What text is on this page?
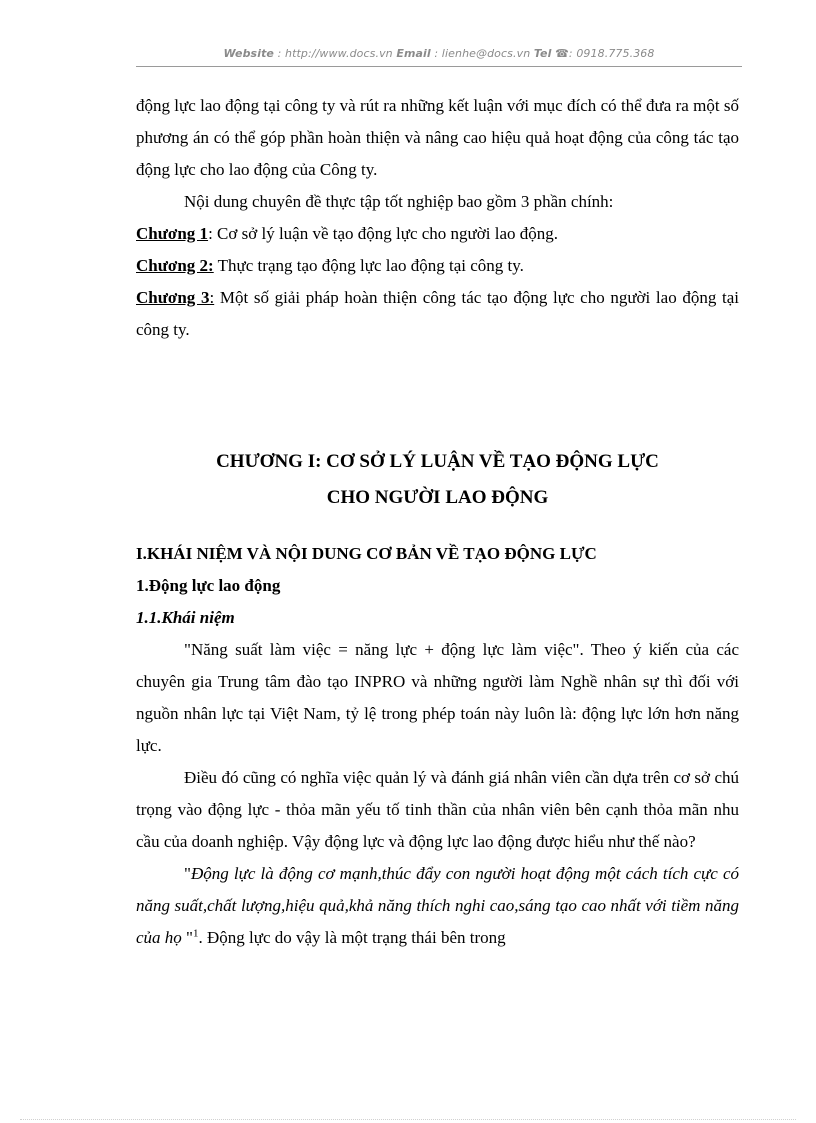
Website : http://www.docs.vn Email : lienhe@docs.vn Tel ☎: 0918.775.368

động lực lao động tại công ty và rút ra những kết luận với mục đích có thể đưa ra một số phương án có thể góp phần hoàn thiện và nâng cao hiệu quả hoạt động của công tác tạo động lực cho lao động của Công ty.

Nội dung chuyên đề thực tập tốt nghiệp bao gồm 3 phần chính:

Chương 1: Cơ sở lý luận về tạo động lực cho người lao động.

Chương 2: Thực trạng tạo động lực lao động tại công ty.

Chương 3: Một số giải pháp hoàn thiện công tác tạo động lực cho người lao động tại công ty.

CHƯƠNG I: CƠ SỞ LÝ LUẬN VỀ TẠO ĐỘNG LỰC

CHO NGƯỜI LAO ĐỘNG

I.KHÁI NIỆM VÀ NỘI DUNG CƠ BẢN VỀ TẠO ĐỘNG LỰC

1.Động lực lao động

1.1.Khái niệm

"Năng suất làm việc = năng lực + động lực làm việc". Theo ý kiến của các chuyên gia Trung tâm đào tạo INPRO và những người làm Nghề nhân sự thì đối với nguồn nhân lực tại Việt Nam, tỷ lệ trong phép toán này luôn là: động lực lớn hơn năng lực.

Điều đó cũng có nghĩa việc quản lý và đánh giá nhân viên cần dựa trên cơ sở chú trọng vào động lực - thỏa mãn yếu tố tinh thần của nhân viên bên cạnh thỏa mãn nhu cầu của doanh nghiệp. Vậy động lực và động lực lao động được hiểu như thế nào?

"Động lực là động cơ mạnh,thúc đẩy con người hoạt động một cách tích cực có năng suất,chất lượng,hiệu quả,khả năng thích nghi cao,sáng tạo cao nhất với tiềm năng của họ "$^1$. Động lực do vậy là một trạng thái bên trong
